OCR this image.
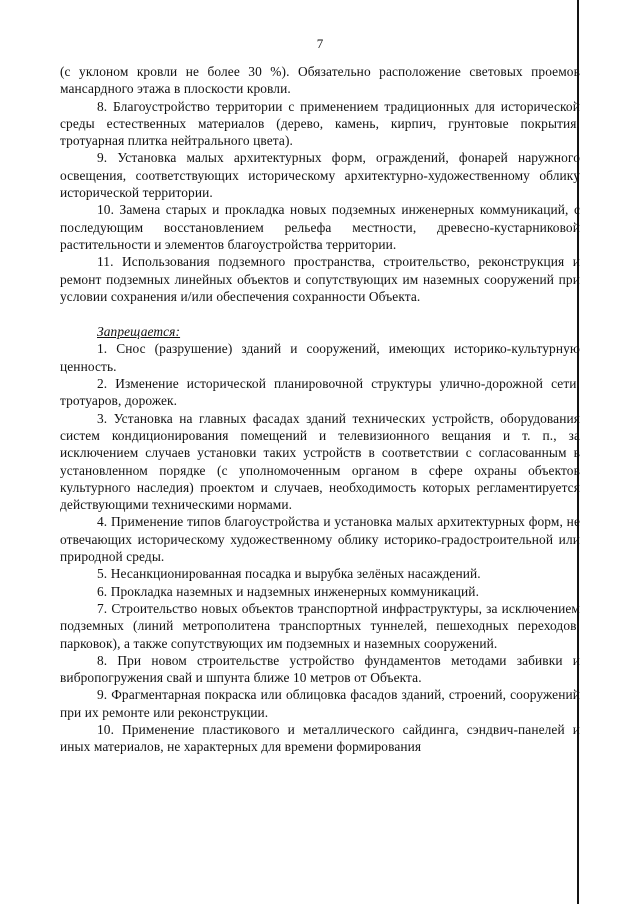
7

(с уклоном кровли не более 30 %). Обязательно расположение световых проемов мансардного этажа в плоскости кровли.

8. Благоустройство территории с применением традиционных для исторической среды естественных материалов (дерево, камень, кирпич, грунтовые покрытия, тротуарная плитка нейтрального цвета).

9. Установка малых архитектурных форм, ограждений, фонарей наружного освещения, соответствующих историческому архитектурно-художественному облику исторической территории.

10. Замена старых и прокладка новых подземных инженерных коммуникаций, с последующим восстановлением рельефа местности, древесно-кустарниковой растительности и элементов благоустройства территории.

11. Использования подземного пространства, строительство, реконструкция и ремонт подземных линейных объектов и сопутствующих им наземных сооружений при условии сохранения и/или обеспечения сохранности Объекта.

Запрещается:

1. Снос (разрушение) зданий и сооружений, имеющих историко-культурную ценность.

2. Изменение исторической планировочной структуры улично-дорожной сети, тротуаров, дорожек.

3. Установка на главных фасадах зданий технических устройств, оборудования систем кондиционирования помещений и телевизионного вещания и т. п., за исключением случаев установки таких устройств в соответствии с согласованным в установленном порядке (с уполномоченным органом в сфере охраны объектов культурного наследия) проектом и случаев, необходимость которых регламентируется действующими техническими нормами.

4. Применение типов благоустройства и установка малых архитектурных форм, не отвечающих историческому художественному облику историко-градостроительной или природной среды.

5. Несанкционированная посадка и вырубка зелёных насаждений.

6. Прокладка наземных и надземных инженерных коммуникаций.

7. Строительство новых объектов транспортной инфраструктуры, за исключением подземных (линий метрополитена транспортных туннелей, пешеходных переходов, парковок), а также сопутствующих им подземных и наземных сооружений.

8. При новом строительстве устройство фундаментов методами забивки и вибропогружения свай и шпунта ближе 10 метров от Объекта.

9. Фрагментарная покраска или облицовка фасадов зданий, строений, сооружений при их ремонте или реконструкции.

10. Применение пластикового и металлического сайдинга, сэндвич-панелей и иных материалов, не характерных для времени формирования
